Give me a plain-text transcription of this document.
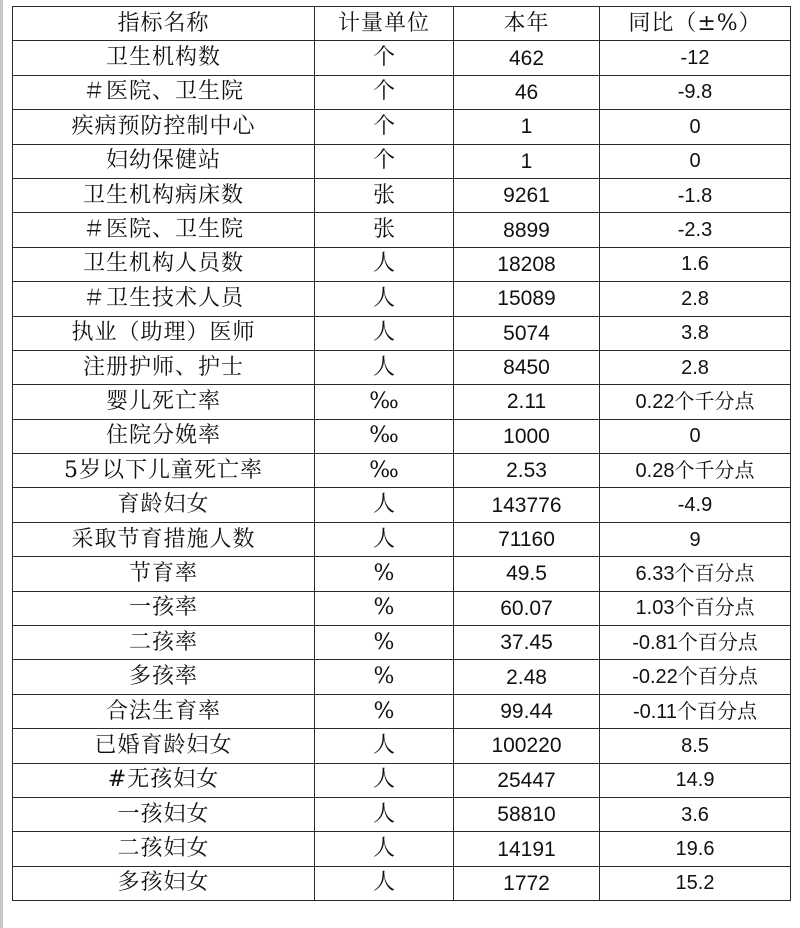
指标名称	计量单位	本年	同比（±%）
卫生机构数	个	462	-12
＃医院、卫生院	个	46	-9.8
疾病预防控制中心	个	1	0
妇幼保健站	个	1	0
卫生机构病床数	张	9261	-1.8
＃医院、卫生院	张	8899	-2.3
卫生机构人员数	人	18208	1.6
＃卫生技术人员	人	15089	2.8
执业（助理）医师	人	5074	3.8
注册护师、护士	人	8450	2.8
婴儿死亡率	‰	2.11	0.22个千分点
住院分娩率	‰	1000	0
5岁以下儿童死亡率	‰	2.53	0.28个千分点
育龄妇女	人	143776	-4.9
采取节育措施人数	人	71160	9
节育率	%	49.5	6.33个百分点
一孩率	%	60.07	1.03个百分点
二孩率	%	37.45	-0.81个百分点
多孩率	%	2.48	-0.22个百分点
合法生育率	%	99.44	-0.11个百分点
已婚育龄妇女	人	100220	8.5
#无孩妇女	人	25447	14.9
一孩妇女	人	58810	3.6
二孩妇女	人	14191	19.6
多孩妇女	人	1772	15.2
